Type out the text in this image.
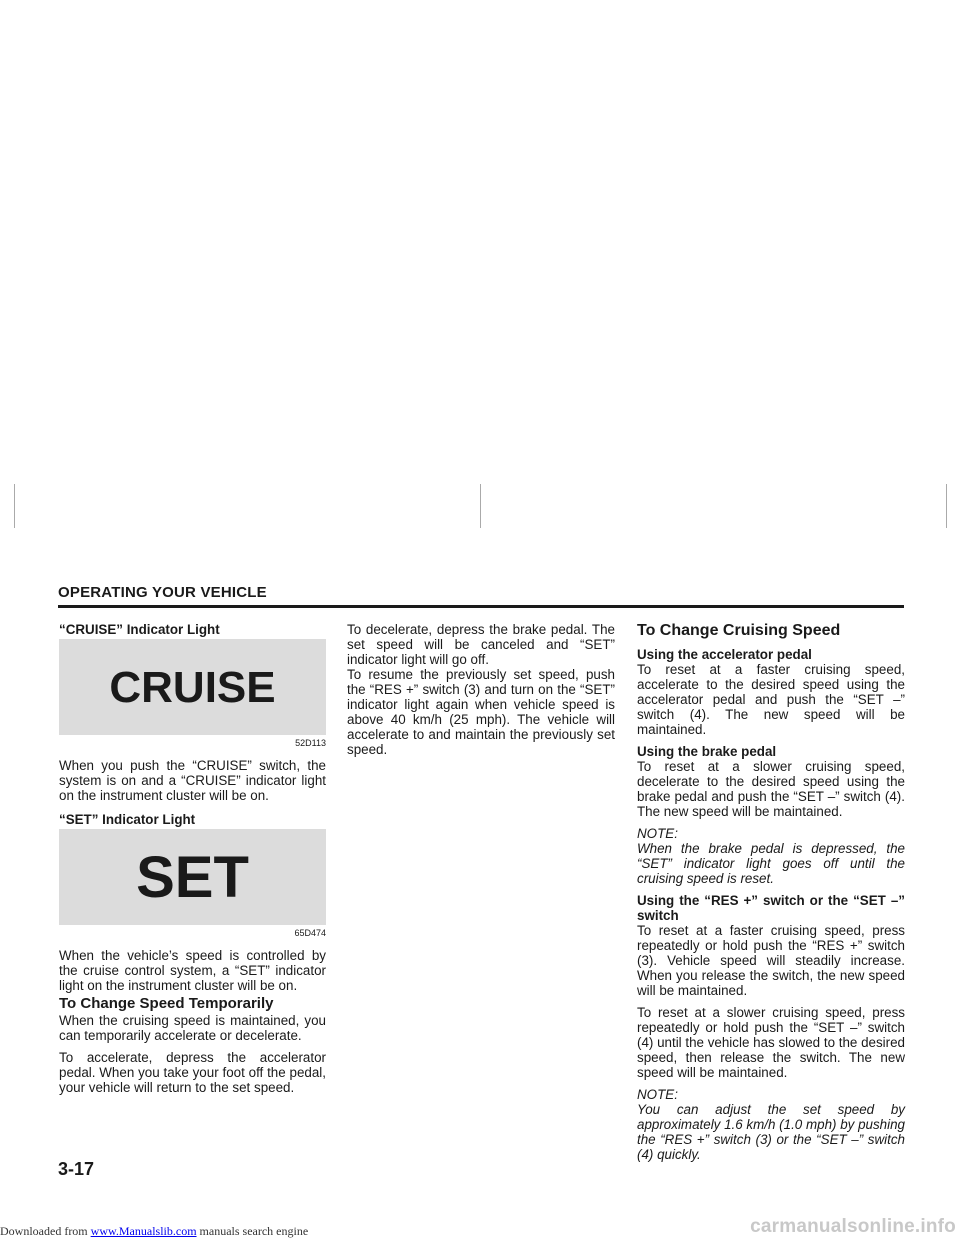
OPERATING YOUR VEHICLE

“CRUISE” Indicator Light

CRUISE
52D113

When you push the “CRUISE” switch, the system is on and a “CRUISE” indicator light on the instrument cluster will be on.

“SET” Indicator Light

SET
65D474

When the vehicle’s speed is controlled by the cruise control system, a “SET” indicator light on the instrument cluster will be on.

To Change Speed Temporarily

When the cruising speed is maintained, you can temporarily accelerate or decelerate.

To accelerate, depress the accelerator pedal. When you take your foot off the pedal, your vehicle will return to the set speed.

To decelerate, depress the brake pedal. The set speed will be canceled and “SET” indicator light will go off.

To resume the previously set speed, push the “RES +” switch (3) and turn on the “SET” indicator light again when vehicle speed is above 40 km/h (25 mph). The vehicle will accelerate to and maintain the previously set speed.

To Change Cruising Speed

Using the accelerator pedal

To reset at a faster cruising speed, accelerate to the desired speed using the accelerator pedal and push the “SET –” switch (4). The new speed will be maintained.

Using the brake pedal

To reset at a slower cruising speed, decelerate to the desired speed using the brake pedal and push the “SET –” switch (4). The new speed will be maintained.

NOTE:
When the brake pedal is depressed, the “SET” indicator light goes off until the cruising speed is reset.

Using the “RES +” switch or the “SET –” switch

To reset at a faster cruising speed, press repeatedly or hold push the “RES +” switch (3). Vehicle speed will steadily increase. When you release the switch, the new speed will be maintained.

To reset at a slower cruising speed, press repeatedly or hold push the “SET –” switch (4) until the vehicle has slowed to the desired speed, then release the switch. The new speed will be maintained.

NOTE:
You can adjust the set speed by approximately 1.6 km/h (1.0 mph) by pushing the “RES +” switch (3) or the “SET –” switch (4) quickly.

3-17
Downloaded from www.Manualslib.com manuals search engine	carmanualsonline.info
